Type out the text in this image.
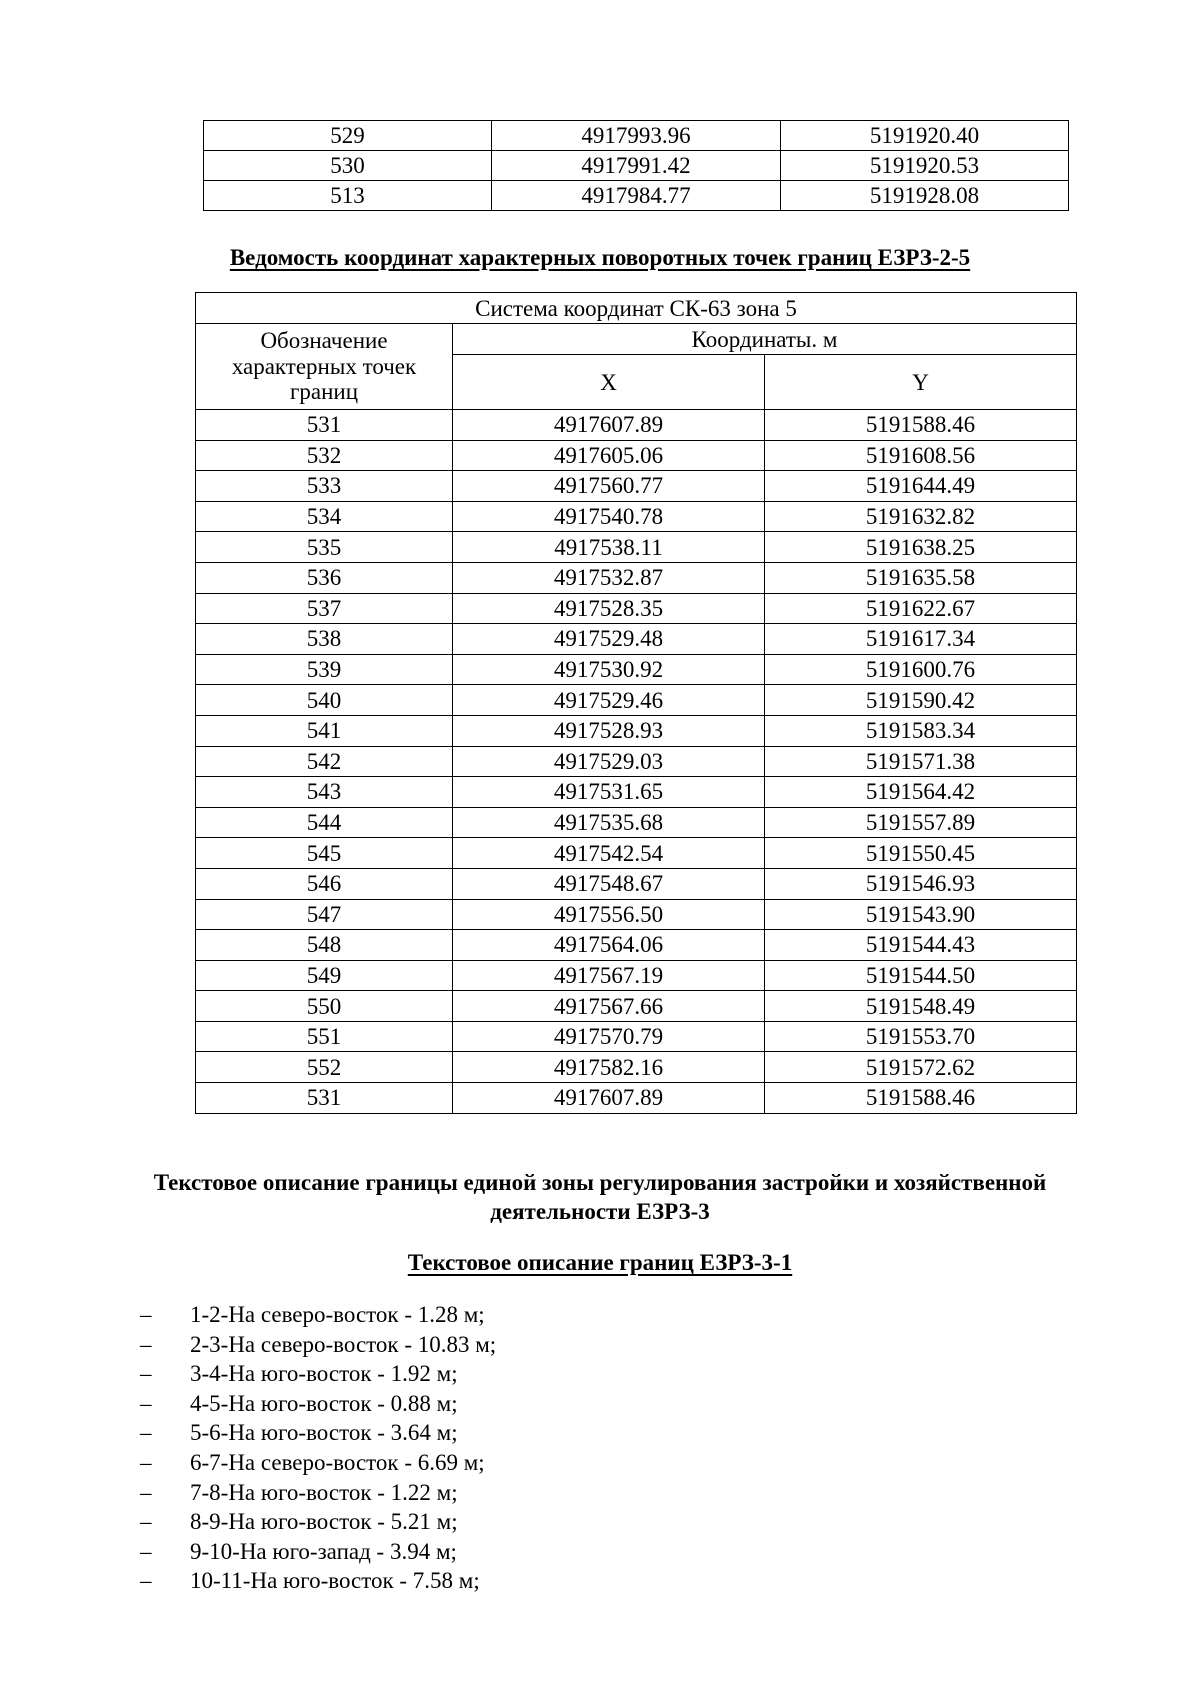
529	4917993.96	5191920.40
530	4917991.42	5191920.53
513	4917984.77	5191928.08

Ведомость координат характерных поворотных точек границ ЕЗРЗ-2-5

Система координат СК-63 зона 5		
Обозначение характерных точек границ	Координаты. м	
	X	Y
531	4917607.89	5191588.46
532	4917605.06	5191608.56
533	4917560.77	5191644.49
534	4917540.78	5191632.82
535	4917538.11	5191638.25
536	4917532.87	5191635.58
537	4917528.35	5191622.67
538	4917529.48	5191617.34
539	4917530.92	5191600.76
540	4917529.46	5191590.42
541	4917528.93	5191583.34
542	4917529.03	5191571.38
543	4917531.65	5191564.42
544	4917535.68	5191557.89
545	4917542.54	5191550.45
546	4917548.67	5191546.93
547	4917556.50	5191543.90
548	4917564.06	5191544.43
549	4917567.19	5191544.50
550	4917567.66	5191548.49
551	4917570.79	5191553.70
552	4917582.16	5191572.62
531	4917607.89	5191588.46

Текстовое описание границы единой зоны регулирования застройки и хозяйственной

деятельности ЕЗРЗ-3

Текстовое описание границ ЕЗРЗ-3-1

–	1-2-На северо-восток - 1.28 м;
–	2-3-На северо-восток - 10.83 м;
–	3-4-На юго-восток - 1.92 м;
–	4-5-На юго-восток - 0.88 м;
–	5-6-На юго-восток - 3.64 м;
–	6-7-На северо-восток - 6.69 м;
–	7-8-На юго-восток - 1.22 м;
–	8-9-На юго-восток - 5.21 м;
–	9-10-На юго-запад - 3.94 м;
–	10-11-На юго-восток - 7.58 м;
